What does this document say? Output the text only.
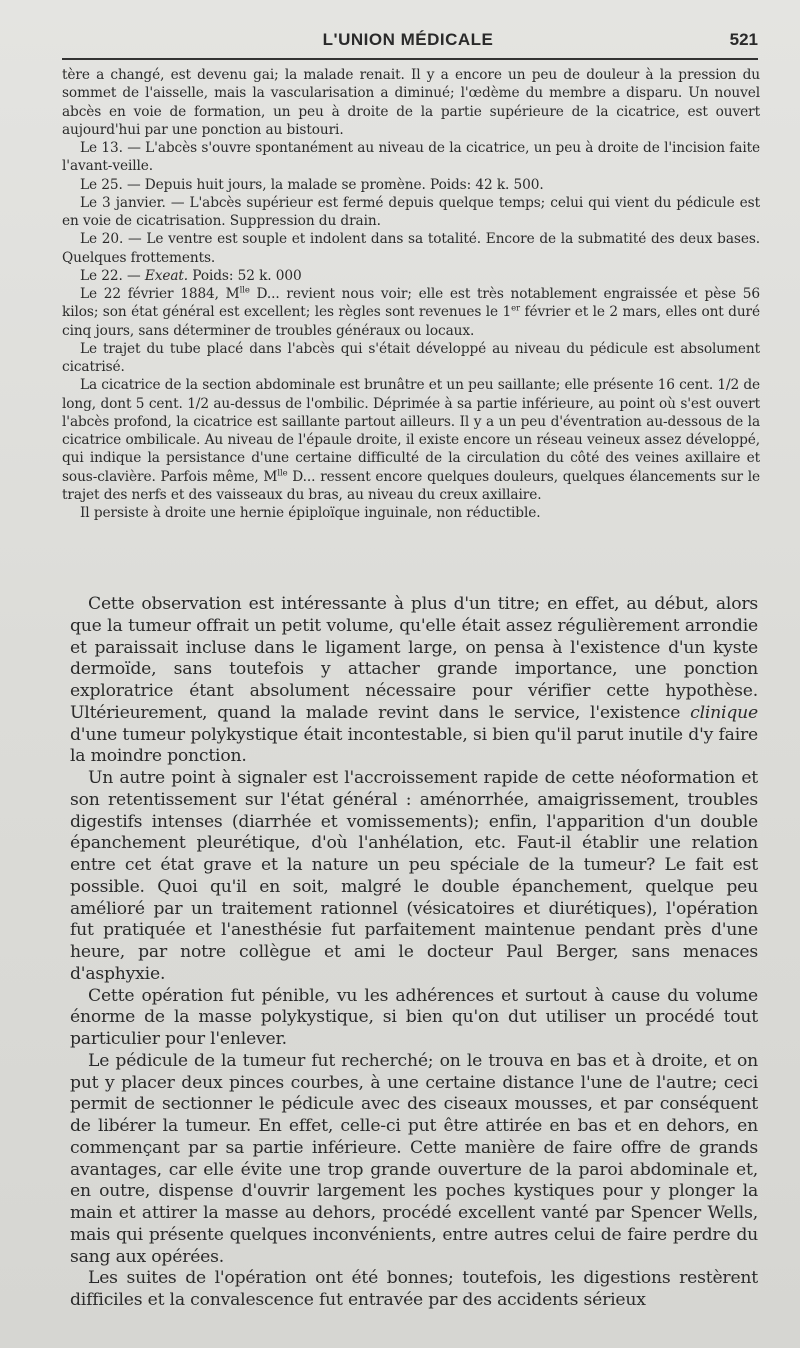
L'UNION MÉDICALE	521

tère a changé, est devenu gai; la malade renait. Il y a encore un peu de douleur à la pression du sommet de l'aisselle, mais la vascularisation a diminué; l'œdème du membre a disparu. Un nouvel abcès en voie de formation, un peu à droite de la partie supérieure de la cicatrice, est ouvert aujourd'hui par une ponction au bistouri.

Le 13. — L'abcès s'ouvre spontanément au niveau de la cicatrice, un peu à droite de l'incision faite l'avant-veille.

Le 25. — Depuis huit jours, la malade se promène. Poids: 42 k. 500.

Le 3 janvier. — L'abcès supérieur est fermé depuis quelque temps; celui qui vient du pédicule est en voie de cicatrisation. Suppression du drain.

Le 20. — Le ventre est souple et indolent dans sa totalité. Encore de la submatité des deux bases. Quelques frottements.

Le 22. — Exeat. Poids: 52 k. 000

Le 22 février 1884, $M^{lle}$ D... revient nous voir; elle est très notablement engraissée et pèse 56 kilos; son état général est excellent; les règles sont revenues le 1er février et le 2 mars, elles ont duré cinq jours, sans déterminer de troubles généraux ou locaux.

Le trajet du tube placé dans l'abcès qui s'était développé au niveau du pédicule est absolument cicatrisé.

La cicatrice de la section abdominale est brunâtre et un peu saillante; elle présente 16 cent. 1/2 de long, dont 5 cent. 1/2 au-dessus de l'ombilic. Déprimée à sa partie inférieure, au point où s'est ouvert l'abcès profond, la cicatrice est saillante partout ailleurs. Il y a un peu d'éventration au-dessous de la cicatrice ombilicale. Au niveau de l'épaule droite, il existe encore un réseau veineux assez développé, qui indique la persistance d'une certaine difficulté de la circulation du côté des veines axillaire et sous-clavière. Parfois même, $M^{lle}$ D... ressent encore quelques douleurs, quelques élancements sur le trajet des nerfs et des vaisseaux du bras, au niveau du creux axillaire.

Il persiste à droite une hernie épiploïque inguinale, non réductible.

Cette observation est intéressante à plus d'un titre; en effet, au début, alors que la tumeur offrait un petit volume, qu'elle était assez régulièrement arrondie et paraissait incluse dans le ligament large, on pensa à l'existence d'un kyste dermoïde, sans toutefois y attacher grande importance, une ponction exploratrice étant absolument nécessaire pour vérifier cette hypothèse. Ultérieurement, quand la malade revint dans le service, l'existence clinique d'une tumeur polykystique était incontestable, si bien qu'il parut inutile d'y faire la moindre ponction.

Un autre point à signaler est l'accroissement rapide de cette néoformation et son retentissement sur l'état général : aménorrhée, amaigrissement, troubles digestifs intenses (diarrhée et vomissements); enfin, l'apparition d'un double épanchement pleurétique, d'où l'anhélation, etc. Faut-il établir une relation entre cet état grave et la nature un peu spéciale de la tumeur? Le fait est possible. Quoi qu'il en soit, malgré le double épanchement, quelque peu amélioré par un traitement rationnel (vésicatoires et diurétiques), l'opération fut pratiquée et l'anesthésie fut parfaitement maintenue pendant près d'une heure, par notre collègue et ami le docteur Paul Berger, sans menaces d'asphyxie.

Cette opération fut pénible, vu les adhérences et surtout à cause du volume énorme de la masse polykystique, si bien qu'on dut utiliser un procédé tout particulier pour l'enlever.

Le pédicule de la tumeur fut recherché; on le trouva en bas et à droite, et on put y placer deux pinces courbes, à une certaine distance l'une de l'autre; ceci permit de sectionner le pédicule avec des ciseaux mousses, et par conséquent de libérer la tumeur. En effet, celle-ci put être attirée en bas et en dehors, en commençant par sa partie inférieure. Cette manière de faire offre de grands avantages, car elle évite une trop grande ouverture de la paroi abdominale et, en outre, dispense d'ouvrir largement les poches kystiques pour y plonger la main et attirer la masse au dehors, procédé excellent vanté par Spencer Wells, mais qui présente quelques inconvénients, entre autres celui de faire perdre du sang aux opérées.

Les suites de l'opération ont été bonnes; toutefois, les digestions restèrent difficiles et la convalescence fut entravée par des accidents sérieux
